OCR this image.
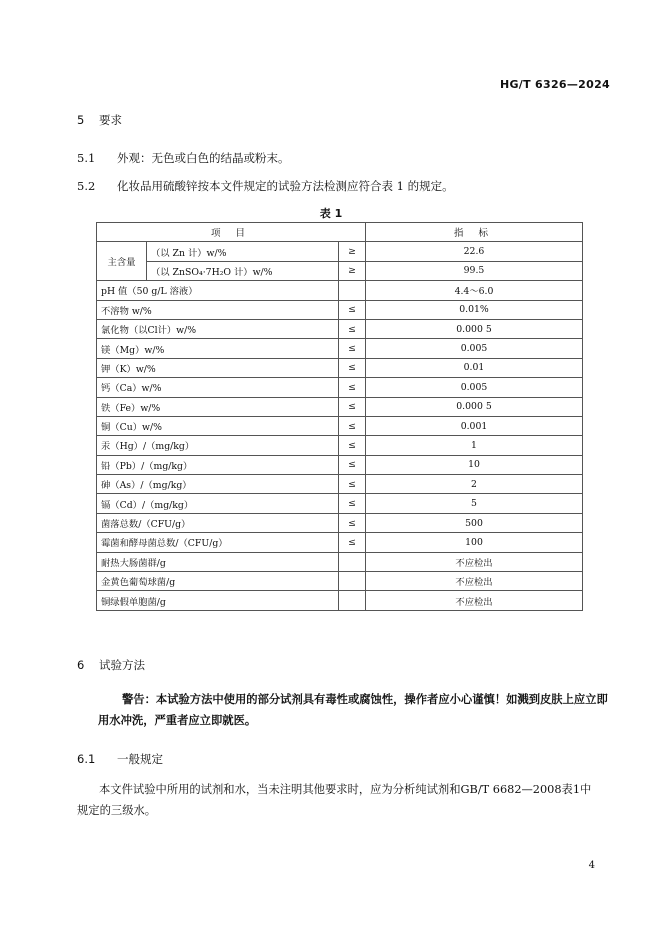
HG/T 6326—2024
5 要求
5.1 外观：无色或白色的结晶或粉末。
5.2 化妆品用硫酸锌按本文件规定的试验方法检测应符合表 1 的规定。
表 1
项 目			指 标
主含量	（以 Zn 计）w/%	≥	22.6
	（以 ZnSO₄·7H₂O 计）w/%	≥	99.5
pH 值（50 g/L 溶液）			4.4～6.0
不溶物 w/%		≤	0.01%
氯化物（以Cl计）w/%		≤	0.000 5
镁（Mg）w/%		≤	0.005
钾（K）w/%		≤	0.01
钙（Ca）w/%		≤	0.005
铁（Fe）w/%		≤	0.000 5
铜（Cu）w/%		≤	0.001
汞（Hg）/（mg/kg）		≤	1
铅（Pb）/（mg/kg）		≤	10
砷（As）/（mg/kg）		≤	2
镉（Cd）/（mg/kg）		≤	5
菌落总数/（CFU/g）		≤	500
霉菌和酵母菌总数/（CFU/g）		≤	100
耐热大肠菌群/g			不应检出
金黄色葡萄球菌/g			不应检出
铜绿假单胞菌/g			不应检出
6 试验方法
警告：本试验方法中使用的部分试剂具有毒性或腐蚀性，操作者应小心谨慎！如溅到皮肤上应立即
用水冲洗，严重者应立即就医。
6.1 一般规定
本文件试验中所用的试剂和水，当未注明其他要求时，应为分析纯试剂和GB/T 6682—2008表1中规定的三级水。
4
